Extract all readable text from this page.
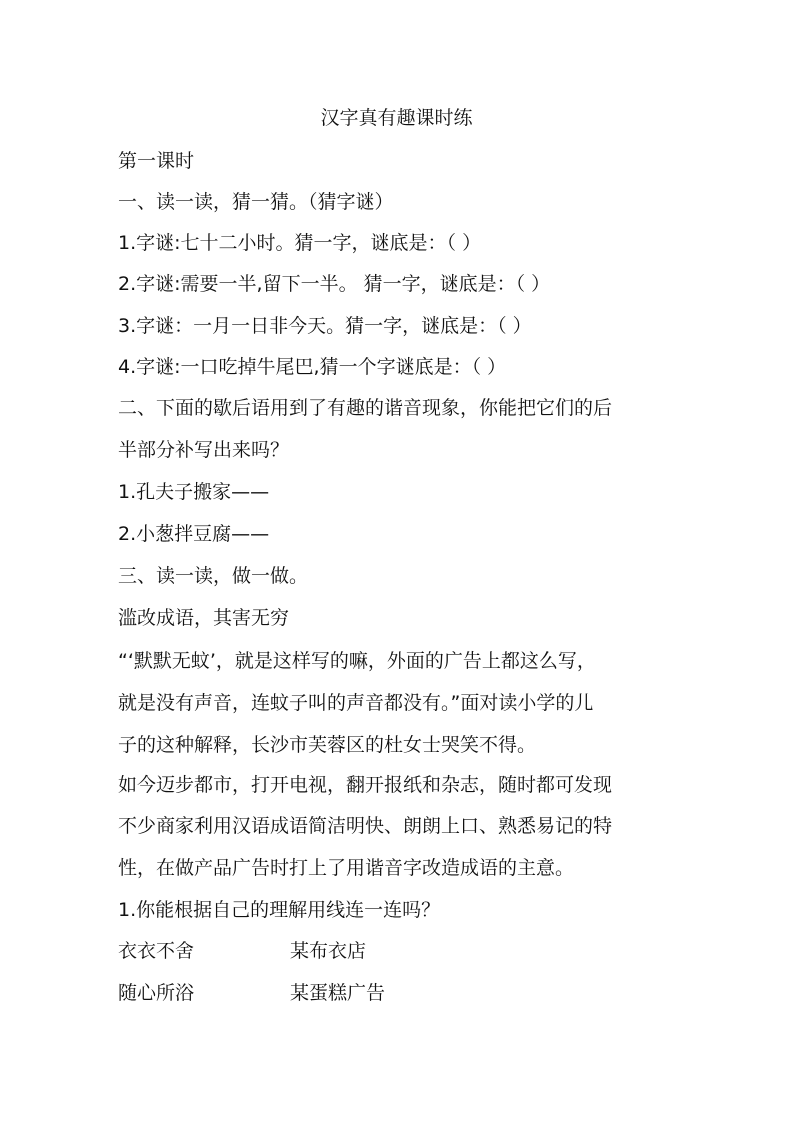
汉字真有趣课时练
第一课时
一、读一读，猜一猜。（猜字谜）
1.字谜:七十二小时。猜一字，谜底是：（ ）
2.字谜:需要一半,留下一半。 猜一字，谜底是：（ ）
3.字谜：一月一日非今天。猜一字，谜底是：（ ）
4.字谜:一口吃掉牛尾巴,猜一个字谜底是：（ ）
二、下面的歇后语用到了有趣的谐音现象，你能把它们的后
半部分补写出来吗？
1.孔夫子搬家——
2.小葱拌豆腐——
三、读一读，做一做。
滥改成语，其害无穷
“‘默默无蚊’，就是这样写的嘛，外面的广告上都这么写，
就是没有声音，连蚊子叫的声音都没有。”面对读小学的儿
子的这种解释，长沙市芙蓉区的杜女士哭笑不得。
如今迈步都市，打开电视，翻开报纸和杂志，随时都可发现
不少商家利用汉语成语简洁明快、朗朗上口、熟悉易记的特
性，在做产品广告时打上了用谐音字改造成语的主意。
1.你能根据自己的理解用线连一连吗？
衣衣不舍	某布衣店
随心所浴	某蛋糕广告
